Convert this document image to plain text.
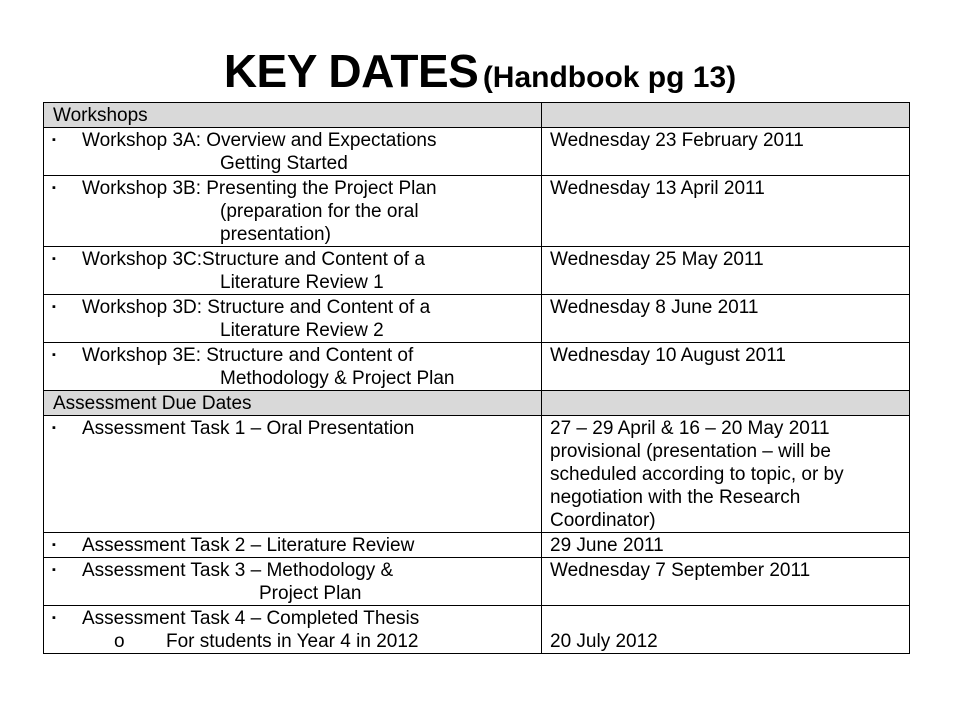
KEY DATES (Handbook pg 13)
Workshops	

▪ Workshop 3A: Overview and Expectations
Getting Started	Wednesday 23 February 2011

▪ Workshop 3B: Presenting the Project Plan
(preparation for the oral
presentation)	Wednesday 13 April 2011

▪ Workshop 3C:Structure and Content of a
Literature Review 1	Wednesday 25 May 2011

▪ Workshop 3D: Structure and Content of a
Literature Review 2	Wednesday 8 June 2011

▪ Workshop 3E: Structure and Content of
Methodology & Project Plan	Wednesday 10 August 2011
Assessment Due Dates	

▪ Assessment Task 1 – Oral Presentation	27 – 29 April & 16 – 20 May 2011
provisional (presentation – will be
scheduled according to topic, or by
negotiation with the Research
Coordinator)

▪ Assessment Task 2 – Literature Review	29 June 2011

▪ Assessment Task 3 – Methodology &
Project Plan	Wednesday 7 September 2011

▪ Assessment Task 4 – Completed Thesis
o For students in Year 4 in 2012	20 July 2012
